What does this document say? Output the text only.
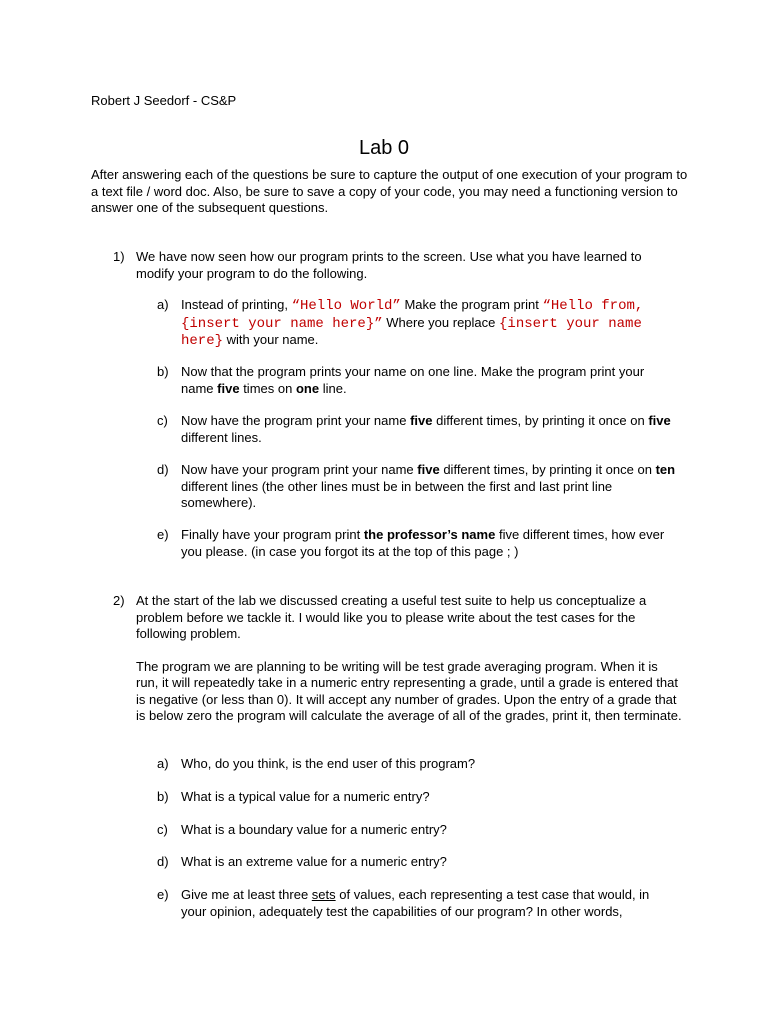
Robert J Seedorf - CS&P
Lab 0
After answering each of the questions be sure to capture the output of one execution of your program to a text file / word doc. Also, be sure to save a copy of your code, you may need a functioning version to answer one of the subsequent questions.
1) We have now seen how our program prints to the screen. Use what you have learned to modify your program to do the following.
a) Instead of printing, “Hello World” Make the program print “Hello from, {insert your name here}” Where you replace {insert your name here} with your name.
b) Now that the program prints your name on one line. Make the program print your name five times on one line.
c) Now have the program print your name five different times, by printing it once on five different lines.
d) Now have your program print your name five different times, by printing it once on ten different lines (the other lines must be in between the first and last print line somewhere).
e) Finally have your program print the professor’s name five different times, how ever you please. (in case you forgot its at the top of this page ; )
2) At the start of the lab we discussed creating a useful test suite to help us conceptualize a problem before we tackle it. I would like you to please write about the test cases for the following problem.
The program we are planning to be writing will be test grade averaging program. When it is run, it will repeatedly take in a numeric entry representing a grade, until a grade is entered that is negative (or less than 0). It will accept any number of grades. Upon the entry of a grade that is below zero the program will calculate the average of all of the grades, print it, then terminate.
a) Who, do you think, is the end user of this program?
b) What is a typical value for a numeric entry?
c) What is a boundary value for a numeric entry?
d) What is an extreme value for a numeric entry?
e) Give me at least three sets of values, each representing a test case that would, in your opinion, adequately test the capabilities of our program? In other words,
